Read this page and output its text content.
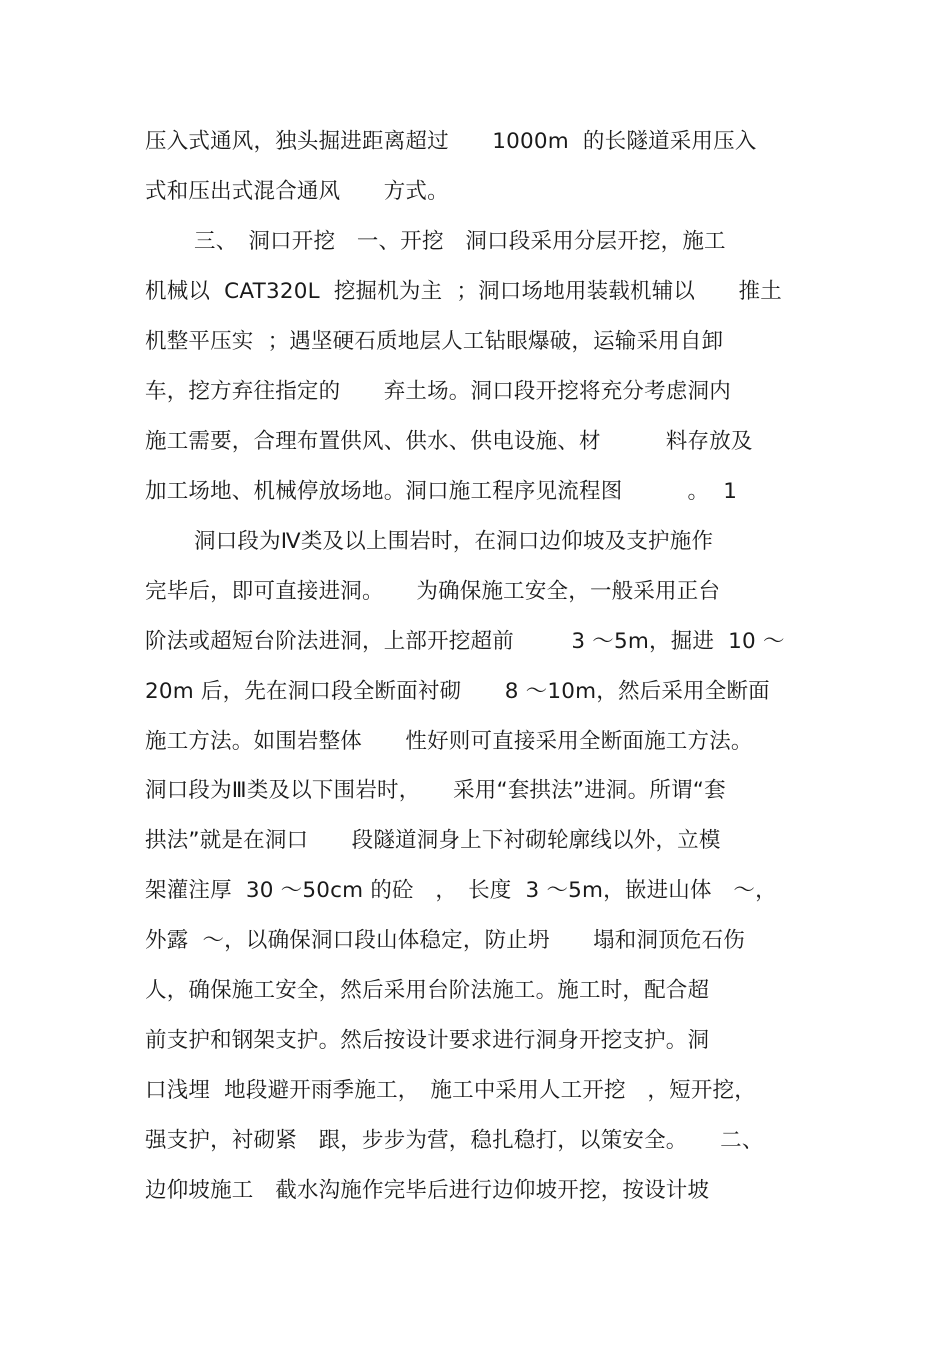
压入式通风，独头掘进距离超过　　1000m  的长隧道采用压入
式和压出式混合通风　　方式。
三、　洞口开挖　一、开挖　洞口段采用分层开挖，施工
机械以  CAT320L  挖掘机为主  ；洞口场地用装载机辅以　　推土
机整平压实  ；遇坚硬石质地层人工钻眼爆破，运输采用自卸
车，挖方弃往指定的　　弃土场。洞口段开挖将充分考虑洞内
施工需要，合理布置供风、供水、供电设施、材　　　料存放及
加工场地、机械停放场地。洞口施工程序见流程图　　　。  1
洞口段为Ⅳ类及以上围岩时，在洞口边仰坡及支护施作
完毕后，即可直接进洞。　　为确保施工安全，一般采用正台
阶法或超短台阶法进洞，上部开挖超前　　  3 ～5m，掘进  10 ～
20m 后，先在洞口段全断面衬砌　　8 ～10m，然后采用全断面
施工方法。如围岩整体　　性好则可直接采用全断面施工方法。
洞口段为Ⅲ类及以下围岩时，　　采用“套拱法”进洞。所谓“套
拱法”就是在洞口　　段隧道洞身上下衬砌轮廓线以外，立模
架灌注厚  30 ～50cm 的砼　，　长度  3 ～5m，嵌进山体　～，
外露  ～，以确保洞口段山体稳定，防止坍　　塌和洞顶危石伤
人，确保施工安全，然后采用台阶法施工。施工时，配合超
前支护和钢架支护。然后按设计要求进行洞身开挖支护。洞
口浅埋  地段避开雨季施工，　施工中采用人工开挖　，短开挖，
强支护，衬砌紧　跟，步步为营，稳扎稳打，以策安全。　　二、
边仰坡施工　截水沟施作完毕后进行边仰坡开挖，按设计坡
